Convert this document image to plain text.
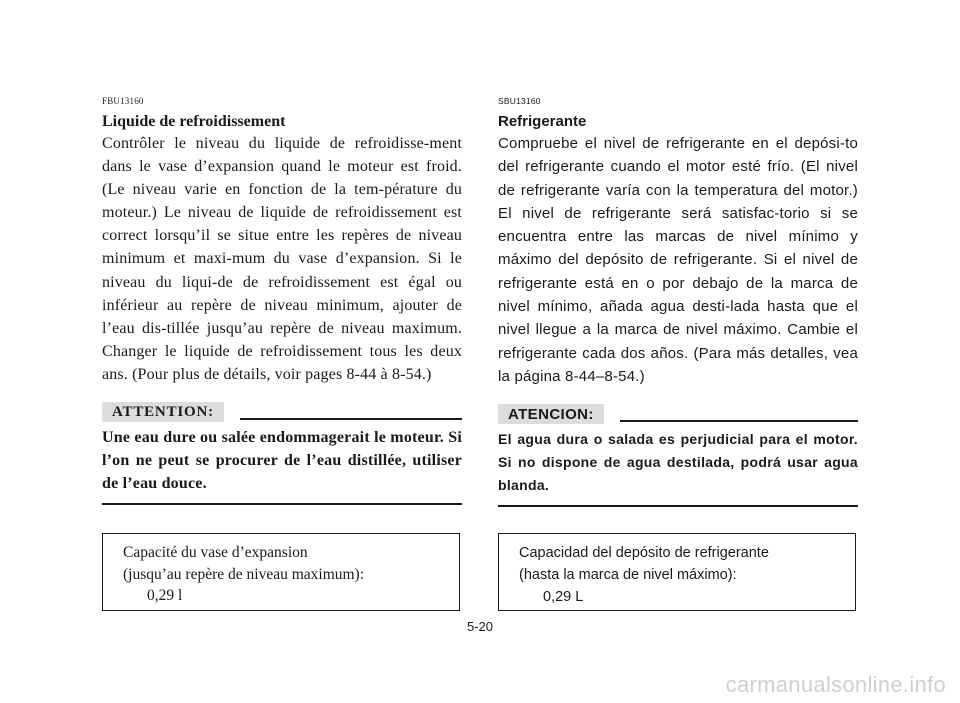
FBU13160

Liquide de refroidissement

Contrôler le niveau du liquide de refroidisse-ment dans le vase d’expansion quand le moteur est froid. (Le niveau varie en fonction de la tem-pérature du moteur.) Le niveau de liquide de refroidissement est correct lorsqu’il se situe entre les repères de niveau minimum et maxi-mum du vase d’expansion. Si le niveau du liqui-de de refroidissement est égal ou inférieur au repère de niveau minimum, ajouter de l’eau dis-tillée jusqu’au repère de niveau maximum. Changer le liquide de refroidissement tous les deux ans. (Pour plus de détails, voir pages 8-44 à 8-54.)

ATTENTION:

Une eau dure ou salée endommagerait le moteur. Si l’on ne peut se procurer de l’eau distillée, utiliser de l’eau douce.

SBU13160

Refrigerante

Compruebe el nivel de refrigerante en el depósi-to del refrigerante cuando el motor esté frío. (El nivel de refrigerante varía con la temperatura del motor.) El nivel de refrigerante será satisfac-torio si se encuentra entre las marcas de nivel mínimo y máximo del depósito de refrigerante. Si el nivel de refrigerante está en o por debajo de la marca de nivel mínimo, añada agua desti-lada hasta que el nivel llegue a la marca de nivel máximo. Cambie el refrigerante cada dos años. (Para más detalles, vea la página 8-44–8-54.)

ATENCION:

El agua dura o salada es perjudicial para el motor. Si no dispone de agua destilada, podrá usar agua blanda.

Capacité du vase d’expansion
(jusqu’au repère de niveau maximum):
0,29 l
Capacidad del depósito de refrigerante
(hasta la marca de nivel máximo):
0,29 L
5-20
carmanualsonline.info
